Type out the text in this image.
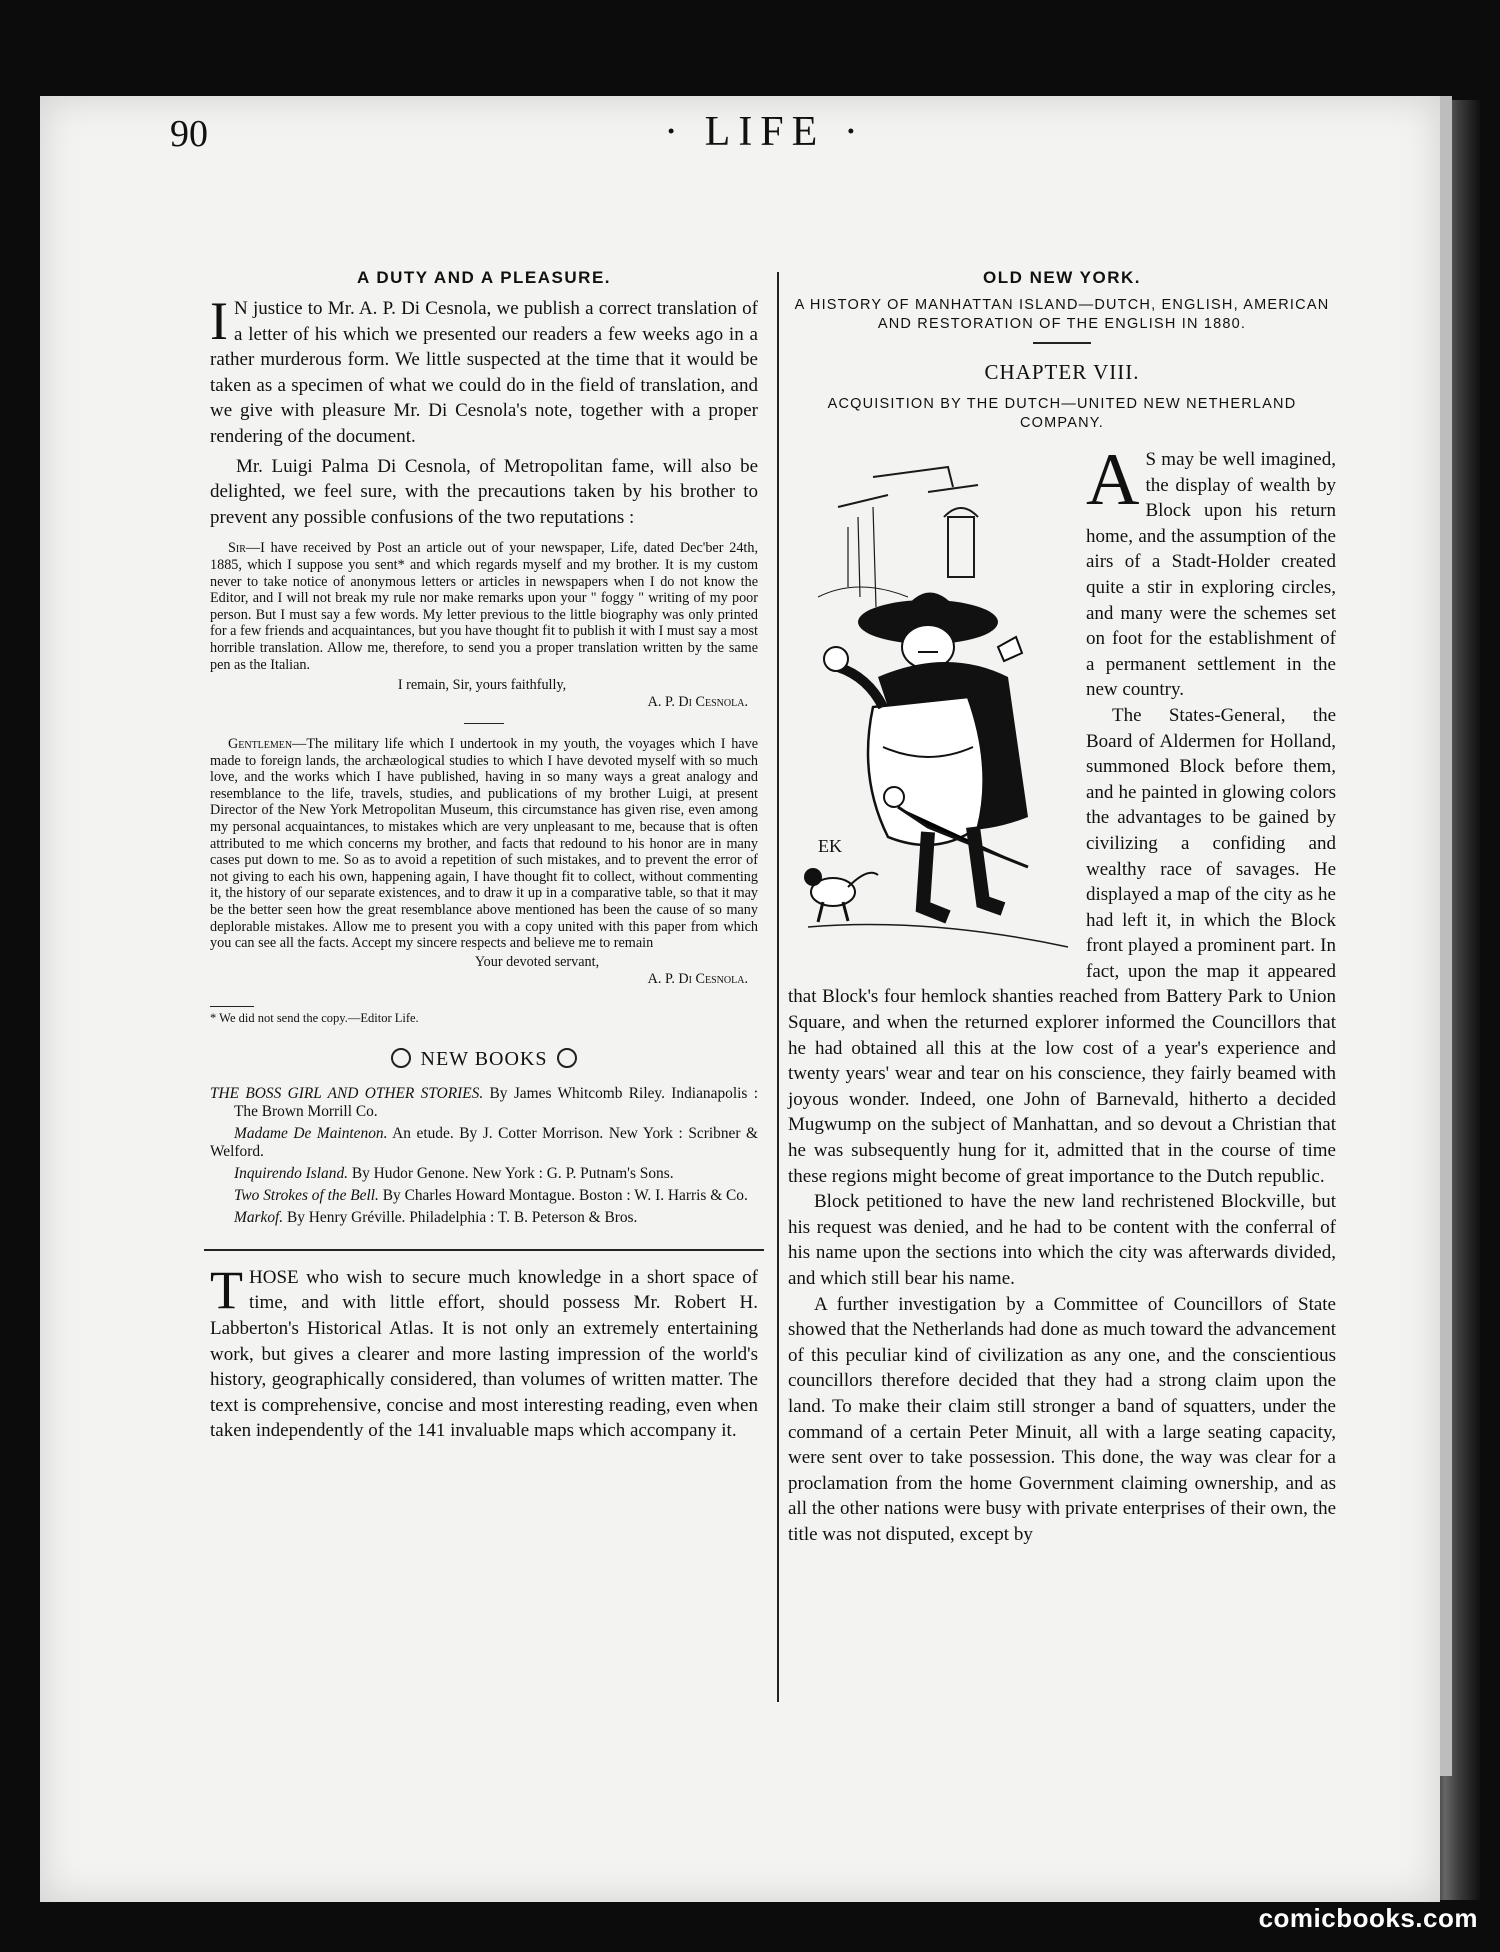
90	· LIFE ·
A DUTY AND A PLEASURE.

I N justice to Mr. A. P. Di Cesnola, we publish a correct translation of a letter of his which we presented our readers a few weeks ago in a rather murderous form. We little suspected at the time that it would be taken as a specimen of what we could do in the field of translation, and we give with pleasure Mr. Di Cesnola's note, together with a proper rendering of the document.

Mr. Luigi Palma Di Cesnola, of Metropolitan fame, will also be delighted, we feel sure, with the precautions taken by his brother to prevent any possible confusions of the two reputations :

Sir—I have received by Post an article out of your newspaper, Life, dated Dec'ber 24th, 1885, which I suppose you sent* and which regards myself and my brother. It is my custom never to take notice of anonymous letters or articles in newspapers when I do not know the Editor, and I will not break my rule nor make remarks upon your " foggy " writing of my poor person. But I must say a few words. My letter previous to the little biography was only printed for a few friends and acquaintances, but you have thought fit to publish it with I must say a most horrible translation. Allow me, therefore, to send you a proper translation written by the same pen as the Italian.

I remain, Sir, yours faithfully,
A. P. Di Cesnola.

Gentlemen—The military life which I undertook in my youth, the voyages which I have made to foreign lands, the archæological studies to which I have devoted myself with so much love, and the works which I have published, having in so many ways a great analogy and resemblance to the life, travels, studies, and publications of my brother Luigi, at present Director of the New York Metropolitan Museum, this circumstance has given rise, even among my personal acquaintances, to mistakes which are very unpleasant to me, because that is often attributed to me which concerns my brother, and facts that redound to his honor are in many cases put down to me. So as to avoid a repetition of such mistakes, and to prevent the error of not giving to each his own, happening again, I have thought fit to collect, without commenting it, the history of our separate existences, and to draw it up in a comparative table, so that it may be the better seen how the great resemblance above mentioned has been the cause of so many deplorable mistakes. Allow me to present you with a copy united with this paper from which you can see all the facts. Accept my sincere respects and believe me to remain

Your devoted servant,
A. P. Di Cesnola.
* We did not send the copy.—Editor Life.
NEW BOOKS

THE BOSS GIRL AND OTHER STORIES. By James Whitcomb Riley. Indianapolis : The Brown Morrill Co.

Madame De Maintenon. An etude. By J. Cotter Morrison. New York : Scribner & Welford.

Inquirendo Island. By Hudor Genone. New York : G. P. Putnam's Sons.

Two Strokes of the Bell. By Charles Howard Montague. Boston : W. I. Harris & Co.

Markof. By Henry Gréville. Philadelphia : T. B. Peterson & Bros.

THOSE who wish to secure much knowledge in a short space of time, and with little effort, should possess Mr. Robert H. Labberton's Historical Atlas. It is not only an extremely entertaining work, but gives a clearer and more lasting impression of the world's history, geographically considered, than volumes of written matter. The text is comprehensive, concise and most interesting reading, even when taken independently of the 141 invaluable maps which accompany it.

OLD NEW YORK.
A HISTORY OF MANHATTAN ISLAND—DUTCH, ENGLISH, AMERICAN AND RESTORATION OF THE ENGLISH IN 1880.
CHAPTER VIII.
ACQUISITION BY THE DUTCH—UNITED NEW NETHERLAND COMPANY.
EK

A S may be well imagined, the display of wealth by Block upon his return home, and the assumption of the airs of a Stadt-Holder created quite a stir in exploring circles, and many were the schemes set on foot for the establishment of a permanent settlement in the new country.

The States-General, the Board of Aldermen for Holland, summoned Block before them, and he painted in glowing colors the advantages to be gained by civilizing a confiding and wealthy race of savages. He displayed a map of the city as he had left it, in which the Block front played a prominent part. In fact, upon the map it appeared that Block's four hemlock shanties reached from Battery Park to Union Square, and when the returned explorer informed the Councillors that he had obtained all this at the low cost of a year's experience and twenty years' wear and tear on his conscience, they fairly beamed with joyous wonder. Indeed, one John of Barnevald, hitherto a decided Mugwump on the subject of Manhattan, and so devout a Christian that he was subsequently hung for it, admitted that in the course of time these regions might become of great importance to the Dutch republic.

Block petitioned to have the new land rechristened Blockville, but his request was denied, and he had to be content with the conferral of his name upon the sections into which the city was afterwards divided, and which still bear his name.

A further investigation by a Committee of Councillors of State showed that the Netherlands had done as much toward the advancement of this peculiar kind of civilization as any one, and the conscientious councillors therefore decided that they had a strong claim upon the land. To make their claim still stronger a band of squatters, under the command of a certain Peter Minuit, all with a large seating capacity, were sent over to take possession. This done, the way was clear for a proclamation from the home Government claiming ownership, and as all the other nations were busy with private enterprises of their own, the title was not disputed, except by

comicbooks.com
